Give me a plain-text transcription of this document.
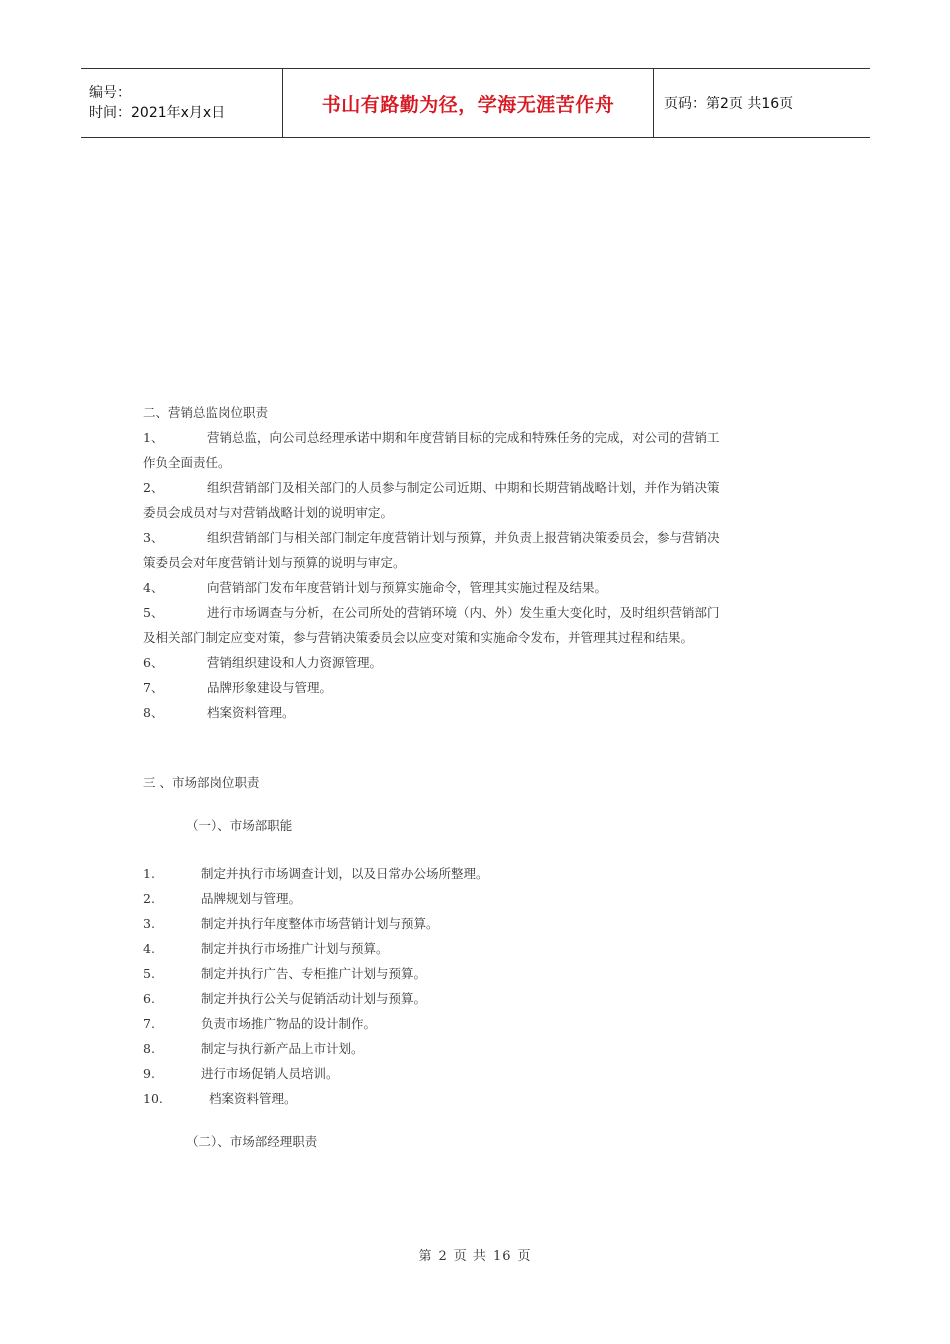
编号：
时间：2021年x月x日	书山有路勤为径，学海无涯苦作舟	页码：第2页 共16页
二、营销总监岗位职责
1、	营销总监，向公司总经理承诺中期和年度营销目标的完成和特殊任务的完成，对公司的营销工
作负全面责任。
2、	组织营销部门及相关部门的人员参与制定公司近期、中期和长期营销战略计划，并作为销决策
委员会成员对与对营销战略计划的说明审定。
3、	组织营销部门与相关部门制定年度营销计划与预算，并负责上报营销决策委员会，参与营销决
策委员会对年度营销计划与预算的说明与审定。
4、	向营销部门发布年度营销计划与预算实施命令，管理其实施过程及结果。
5、	进行市场调查与分析，在公司所处的营销环境（内、外）发生重大变化时，及时组织营销部门
及相关部门制定应变对策，参与营销决策委员会以应变对策和实施命令发布，并管理其过程和结果。
6、	营销组织建设和人力资源管理。
7、	品牌形象建设与管理。
8、	档案资料管理。
三 、市场部岗位职责
（一）、市场部职能
1.	制定并执行市场调查计划，以及日常办公场所整理。
2.	品牌规划与管理。
3.	制定并执行年度整体市场营销计划与预算。
4.	制定并执行市场推广计划与预算。
5.	制定并执行广告、专柜推广计划与预算。
6.	制定并执行公关与促销活动计划与预算。
7.	负责市场推广物品的设计制作。
8.	制定与执行新产品上市计划。
9.	进行市场促销人员培训。
10.	档案资料管理。
（二）、市场部经理职责
第 2 页 共 16 页
